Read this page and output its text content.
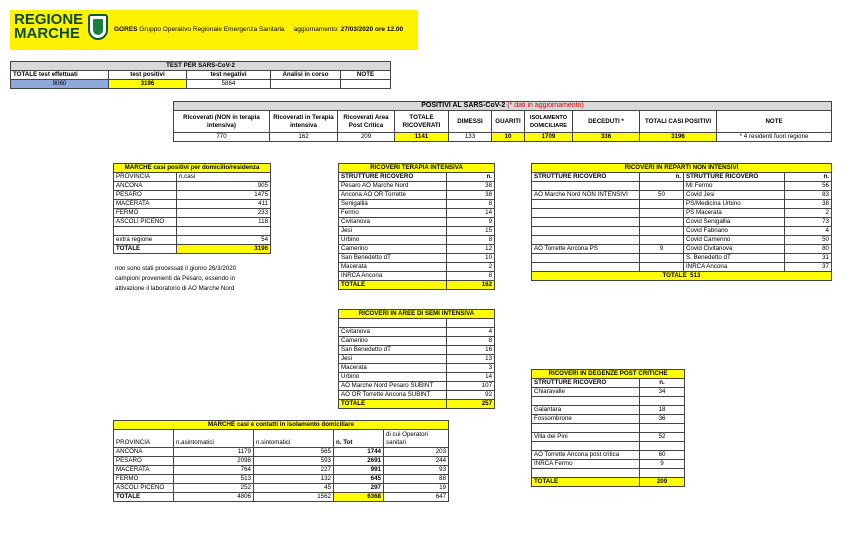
REGIONE
MARCHE	GORES Gruppo Operativo Regionale Emergenza Sanitaria aggiornamento: 27/03/2020 ore 12.00
TEST PER SARS-CoV-2				
TOTALE test effettuati	test positivi	test negativi	Analisi in corso	NOTE
9060	3196	5864		
POSITIVI AL SARS-CoV-2 (* dati in aggiornamento)									
Ricoverati (NON in terapia intensiva)	Ricoverati in Terapia intensiva	Ricoverati Area Post Critica	TOTALE RICOVERATI	DIMESSI	GUARITI	ISOLAMENTO DOMICILIARE	DECEDUTI *	TOTALI CASI POSITIVI	NOTE
770	162	209	1141	133	10	1709	336	3196	* 4 residenti fuori regione
MARCHE casi positivi per domicilio/residenza	
PROVINCIA	n.casi
ANCONA	905
PESARO	1475
MACERATA	411
FERMO	233
ASCOLI PICENO	118

extra regione	54
TOTALE	3196
non sono stati processati il giorno 26/3/2020
campioni provenienti da Pesaro, essendo in
attivazione il laboratorio di AO Marche Nord
RICOVERI TERAPIA INTENSIVA	
STRUTTURE RICOVERO	n.
Pesaro AO Marche Nord	38
Ancona AO OR Torrette	38
Senigallia	8
Fermo	14
Civitanova	9
Jesi	15
Urbino	8
Camerino	12
San Benedetto dT	10
Macerata	2
INRCA Ancona	8
TOTALE	162
RICOVERI IN REPARTI NON INTENSIVI			
STRUTTURE RICOVERO	n.	STRUTTURE RICOVERO	n.
		MI Fermo	56
AO Marche Nord NON INTENSIVI	50	Covid Jesi	83
		PS/Medicina Urbino	38
		PS Macerata	2
		Covid Senigallia	73
		Covid Fabriano	4
		Covid Camerino	50
AO Torrette Ancona PS	9	Covid Civitanova	80
		S. Benedetto dT	31
		INRCA Ancona	37
TOTALE 513			
RICOVERI IN AREE DI SEMI INTENSIVA	

Civitanova	4
Camerino	8
San Benedetto dT	16
Jesi	13
Macerata	3
Urbino	14
AO Marche Nord Pesaro SUBINT	107
AO OR Torrette Ancona SUBINT	92
TOTALE	257
RICOVERI IN DEGENZE POST CRITICHE	
STRUTTURE RICOVERO	n.
Chiaravalle	34

Galantara	18
Fossombrone	36

Villa dei Pini	52

AO Torrette Ancona post critica	60
INRCA Fermo	9

TOTALE	209
MARCHE casi e contatti in isolamento domiciliare				
PROVINCIA	n.asintomatici	n.sintomatici	n. Tot	di cui Operatori sanitari
ANCONA	1179	565	1744	203
PESARO	2098	593	2691	244
MACERATA	764	227	991	93
FERMO	513	132	645	88
ASCOLI PICENO	252	45	297	19
TOTALE	4806	1562	6368	647
